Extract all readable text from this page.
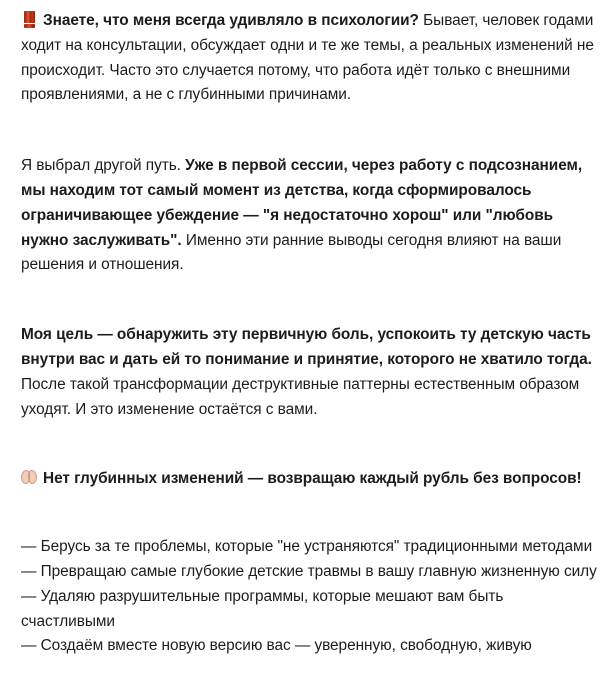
Знаете, что меня всегда удивляло в психологии? Бывает, человек годами ходит на консультации, обсуждает одни и те же темы, а реальных изменений не происходит. Часто это случается потому, что работа идёт только с внешними проявлениями, а не с глубинными причинами.

Я выбрал другой путь. Уже в первой сессии, через работу с подсознанием, мы находим тот самый момент из детства, когда сформировалось ограничивающее убеждение — "я недостаточно хорош" или "любовь нужно заслуживать". Именно эти ранние выводы сегодня влияют на ваши решения и отношения.

Моя цель — обнаружить эту первичную боль, успокоить ту детскую часть внутри вас и дать ей то понимание и принятие, которого не хватило тогда. После такой трансформации деструктивные паттерны естественным образом уходят. И это изменение остаётся с вами.

Нет глубинных изменений — возвращаю каждый рубль без вопросов!

— Берусь за те проблемы, которые "не устраняются" традиционными методами

— Превращаю самые глубокие детские травмы в вашу главную жизненную силу

— Удаляю разрушительные программы, которые мешают вам быть счастливыми

— Создаём вместе новую версию вас — уверенную, свободную, живую
